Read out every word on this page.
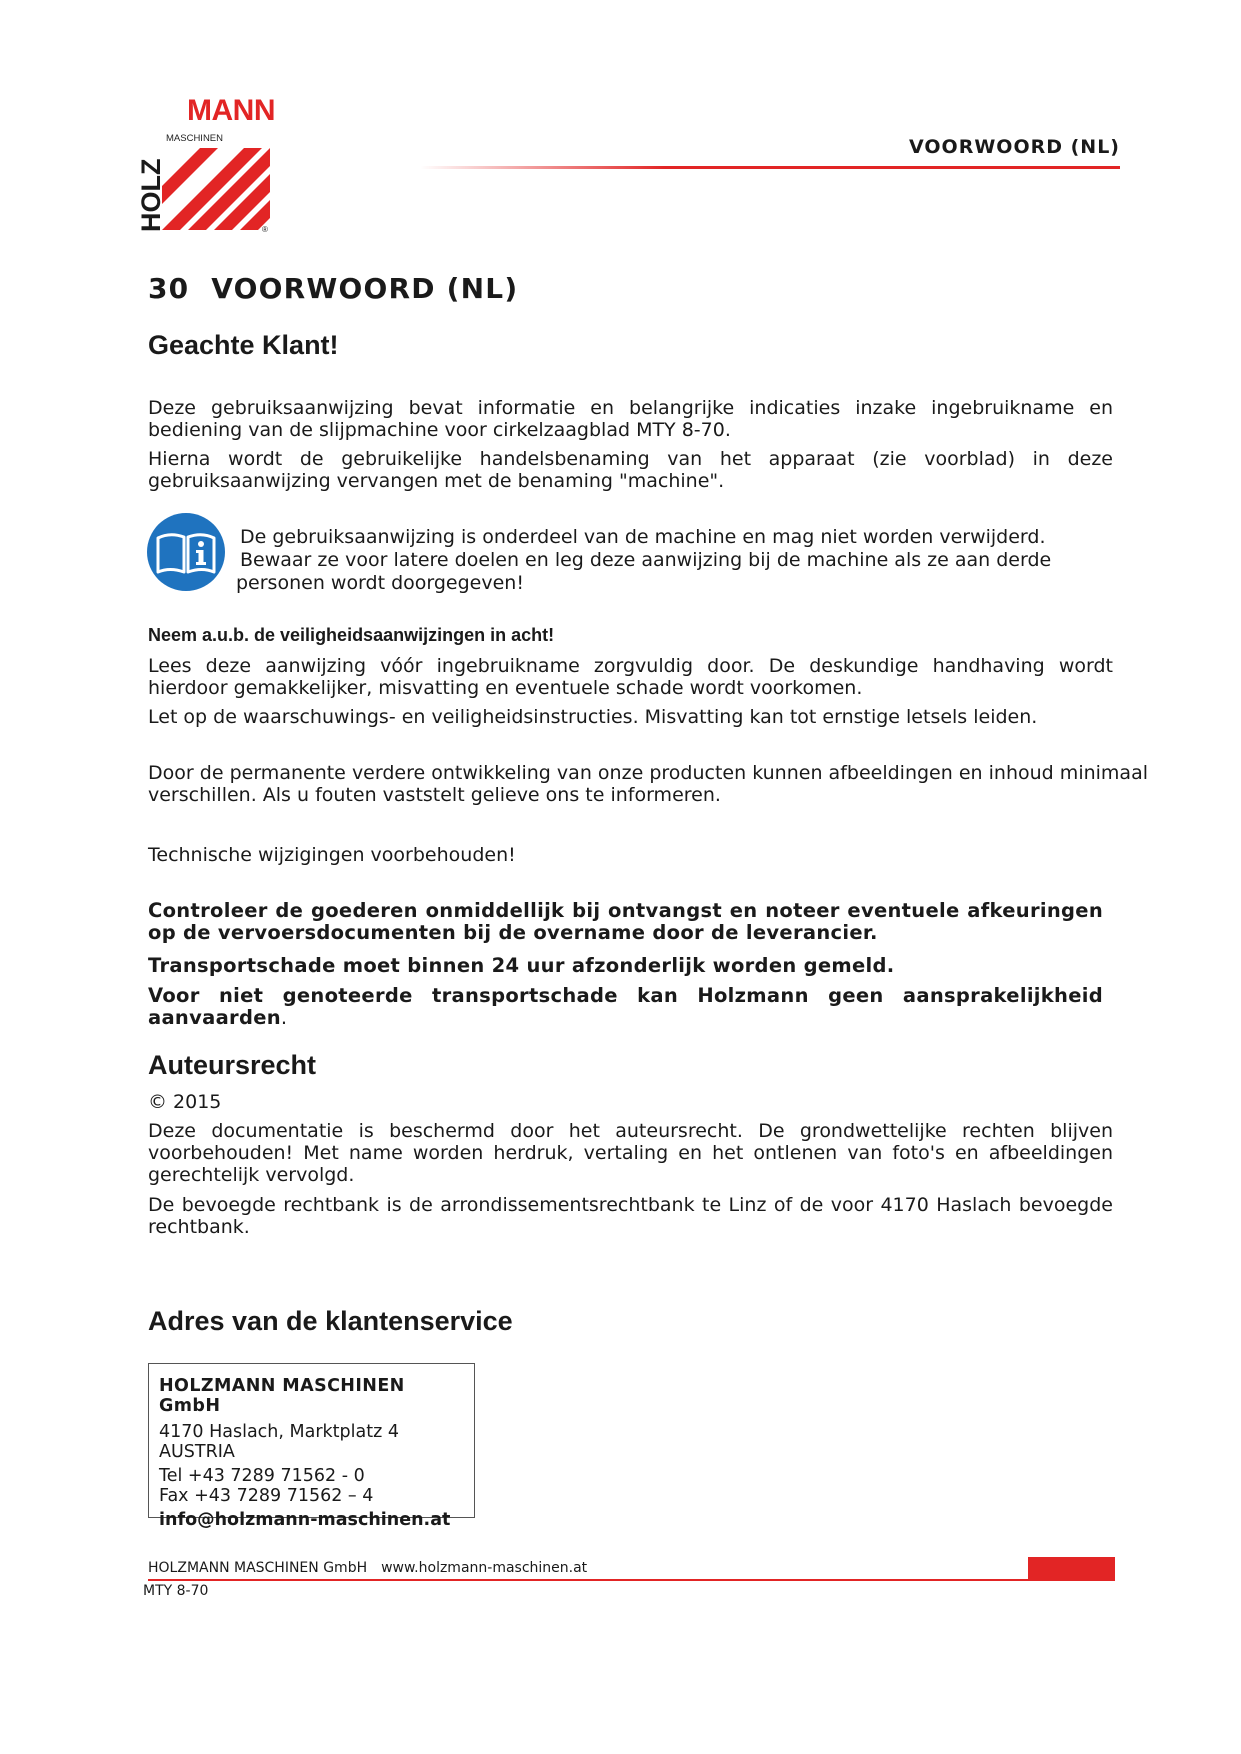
MANN
MASCHINEN
HOLZ	®
VOORWOORD (NL)
30  VOORWOORD (NL)
Geachte Klant!
Deze gebruiksaanwijzing bevat informatie en belangrijke indicaties inzake ingebruikname en bediening van de slijpmachine voor cirkelzaagblad MTY 8-70.
Hierna wordt de gebruikelijke handelsbenaming van het apparaat (zie voorblad) in deze gebruiksaanwijzing vervangen met de benaming "machine".
De gebruiksaanwijzing is onderdeel van de machine en mag niet worden verwijderd.
Bewaar ze voor latere doelen en leg deze aanwijzing bij de machine als ze aan derde
personen wordt doorgegeven!
Neem a.u.b. de veiligheidsaanwijzingen in acht!
Lees deze aanwijzing vóór ingebruikname zorgvuldig door. De deskundige handhaving wordt hierdoor gemakkelijker, misvatting en eventuele schade wordt voorkomen.
Let op de waarschuwings- en veiligheidsinstructies. Misvatting kan tot ernstige letsels leiden.
Door de permanente verdere ontwikkeling van onze producten kunnen afbeeldingen en inhoud minimaal verschillen. Als u fouten vaststelt gelieve ons te informeren.
Technische wijzigingen voorbehouden!
Controleer de goederen onmiddellijk bij ontvangst en noteer eventuele afkeuringen op de vervoersdocumenten bij de overname door de leverancier.
Transportschade moet binnen 24 uur afzonderlijk worden gemeld.
Voor niet genoteerde transportschade kan Holzmann geen aansprakelijkheid aanvaarden.
Auteursrecht
© 2015
Deze documentatie is beschermd door het auteursrecht. De grondwettelijke rechten blijven voorbehouden! Met name worden herdruk, vertaling en het ontlenen van foto's en afbeeldingen gerechtelijk vervolgd.
De bevoegde rechtbank is de arrondissementsrechtbank te Linz of de voor 4170 Haslach bevoegde rechtbank.
Adres van de klantenservice
HOLZMANN MASCHINEN GmbH
4170 Haslach, Marktplatz 4
AUSTRIA
Tel +43 7289 71562 - 0
Fax +43 7289 71562 – 4
info@holzmann-maschinen.at
HOLZMANN MASCHINEN GmbH www.holzmann-maschinen.at
MTY 8-70
